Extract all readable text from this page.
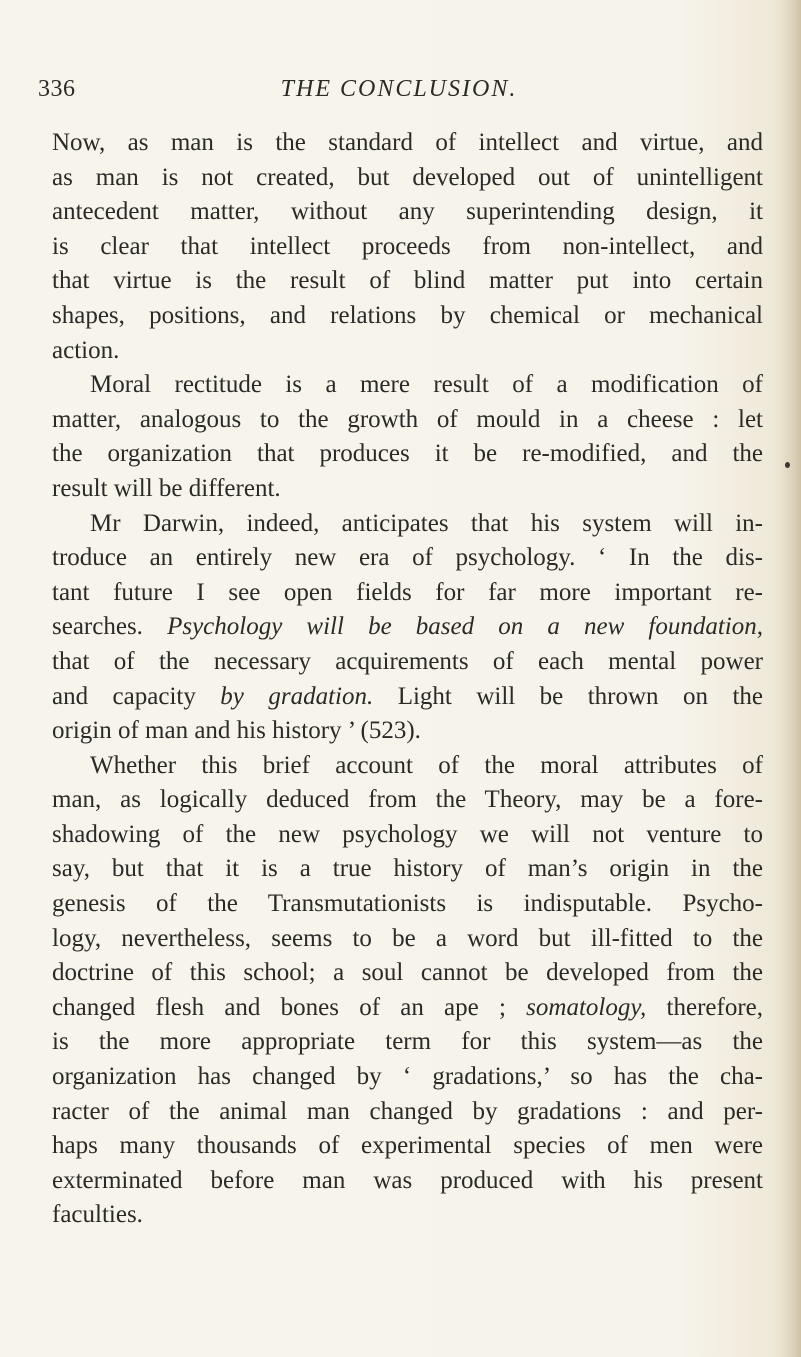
336	THE CONCLUSION.
Now, as man is the standard of intellect and virtue, and
as man is not created, but developed out of unintelligent
antecedent matter, without any superintending design, it
is clear that intellect proceeds from non-intellect, and
that virtue is the result of blind matter put into certain
shapes, positions, and relations by chemical or mechanical
action.
Moral rectitude is a mere result of a modification of
matter, analogous to the growth of mould in a cheese : let
the organization that produces it be re-modified, and the
result will be different.
Mr Darwin, indeed, anticipates that his system will in-
troduce an entirely new era of psychology. ‘ In the dis-
tant future I see open fields for far more important re-
searches. Psychology will be based on a new foundation,
that of the necessary acquirements of each mental power
and capacity by gradation. Light will be thrown on the
origin of man and his history ’ (523).
Whether this brief account of the moral attributes of
man, as logically deduced from the Theory, may be a fore-
shadowing of the new psychology we will not venture to
say, but that it is a true history of man’s origin in the
genesis of the Transmutationists is indisputable. Psycho-
logy, nevertheless, seems to be a word but ill-fitted to the
doctrine of this school; a soul cannot be developed from the
changed flesh and bones of an ape ; somatology, therefore,
is the more appropriate term for this system—as the
organization has changed by ‘ gradations,’ so has the cha-
racter of the animal man changed by gradations : and per-
haps many thousands of experimental species of men were
exterminated before man was produced with his present
faculties.
